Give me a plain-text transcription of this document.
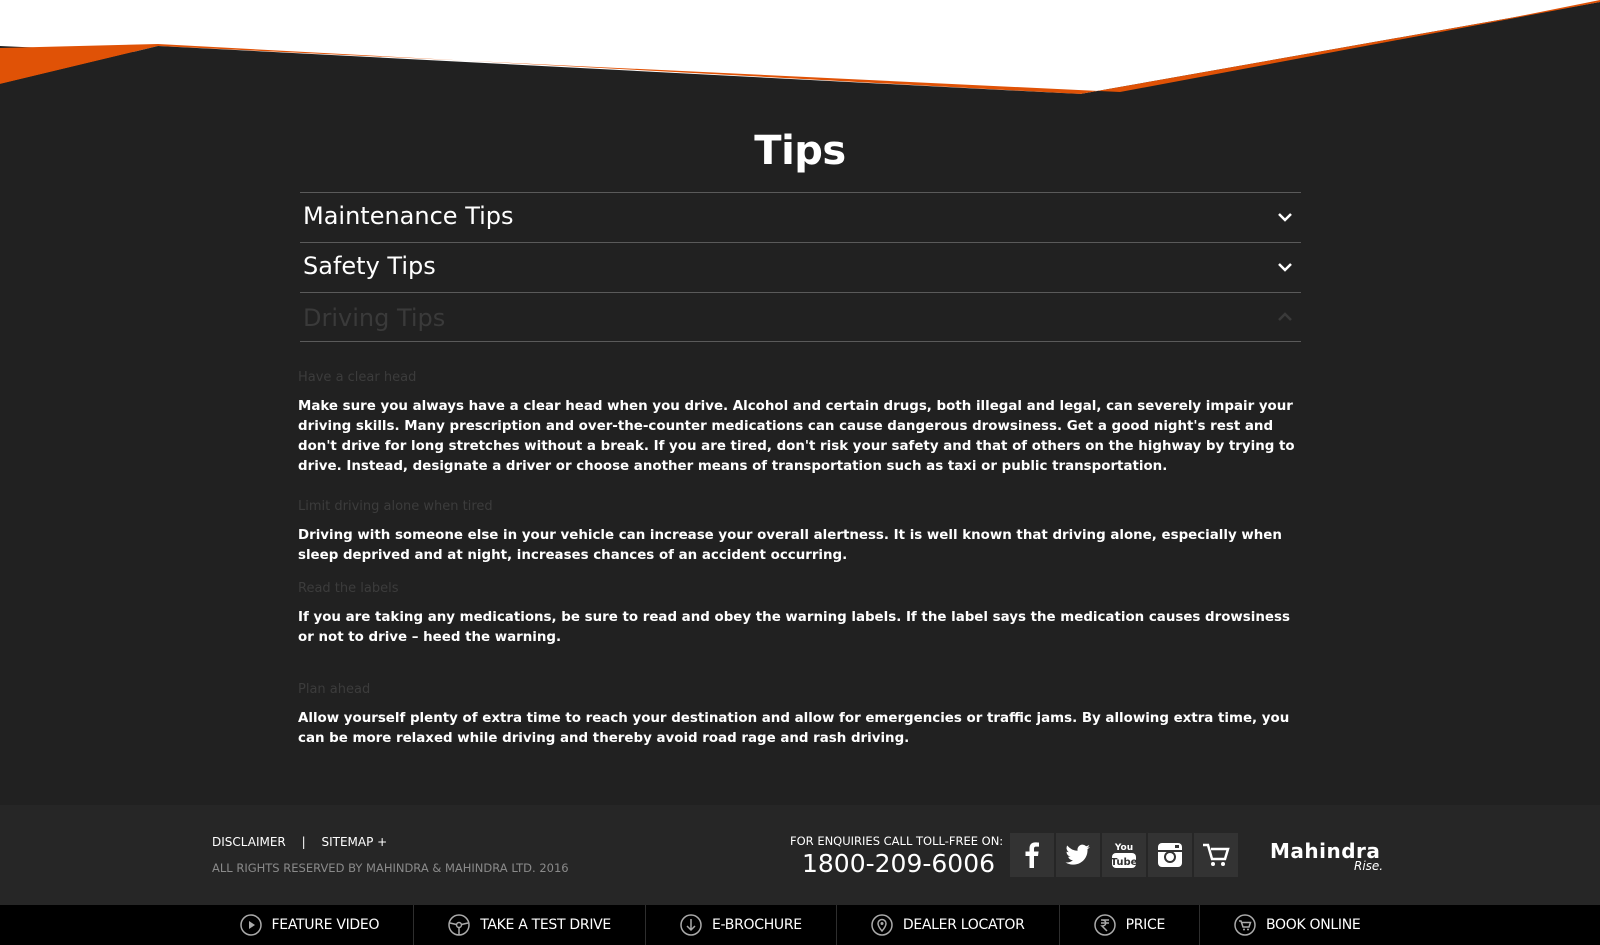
Tips
Maintenance Tips
Safety Tips
Driving Tips

Have a clear head

Make sure you always have a clear head when you drive. Alcohol and certain drugs, both illegal and legal, can severely impair your driving skills. Many prescription and over-the-counter medications can cause dangerous drowsiness. Get a good night's rest and don't drive for long stretches without a break. If you are tired, don't risk your safety and that of others on the highway by trying to drive. Instead, designate a driver or choose another means of transportation such as taxi or public transportation.

Limit driving alone when tired

Driving with someone else in your vehicle can increase your overall alertness. It is well known that driving alone, especially when sleep deprived and at night, increases chances of an accident occurring.

Read the labels

If you are taking any medications, be sure to read and obey the warning labels. If the label says the medication causes drowsiness or not to drive – heed the warning.

Plan ahead

Allow yourself plenty of extra time to reach your destination and allow for emergencies or traffic jams. By allowing extra time, you can be more relaxed while driving and thereby avoid road rage and rash driving.

DISCLAIMER | SITEMAP +
ALL RIGHTS RESERVED BY MAHINDRA & MAHINDRA LTD. 2016
FOR ENQUIRIES CALL TOLL-FREE ON:
1800-209-6006
You
Tube	Mahindra
Rise.
FEATURE VIDEO	TAKE A TEST DRIVE	E-BROCHURE	DEALER LOCATOR	PRICE	BOOK ONLINE
